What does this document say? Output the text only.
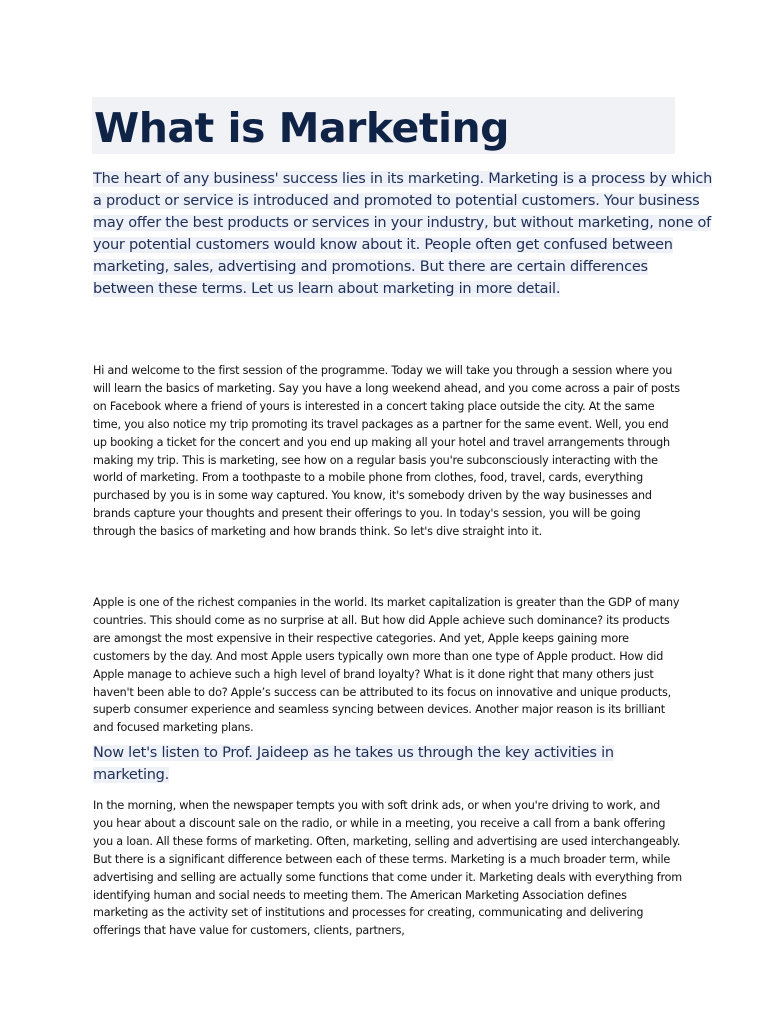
What is Marketing

The heart of any business' success lies in its marketing. Marketing is a process by which a product or service is introduced and promoted to potential customers. Your business may offer the best products or services in your industry, but without marketing, none of your potential customers would know about it. People often get confused between marketing, sales, advertising and promotions. But there are certain differences between these terms. Let us learn about marketing in more detail.

Hi and welcome to the first session of the programme. Today we will take you through a session where you will learn the basics of marketing. Say you have a long weekend ahead, and you come across a pair of posts on Facebook where a friend of yours is interested in a concert taking place outside the city. At the same time, you also notice my trip promoting its travel packages as a partner for the same event. Well, you end up booking a ticket for the concert and you end up making all your hotel and travel arrangements through making my trip. This is marketing, see how on a regular basis you're subconsciously interacting with the world of marketing. From a toothpaste to a mobile phone from clothes, food, travel, cards, everything purchased by you is in some way captured. You know, it's somebody driven by the way businesses and brands capture your thoughts and present their offerings to you. In today's session, you will be going through the basics of marketing and how brands think. So let's dive straight into it.

Apple is one of the richest companies in the world. Its market capitalization is greater than the GDP of many countries. This should come as no surprise at all. But how did Apple achieve such dominance? its products are amongst the most expensive in their respective categories. And yet, Apple keeps gaining more customers by the day. And most Apple users typically own more than one type of Apple product. How did Apple manage to achieve such a high level of brand loyalty? What is it done right that many others just haven't been able to do? Apple’s success can be attributed to its focus on innovative and unique products, superb consumer experience and seamless syncing between devices. Another major reason is its brilliant and focused marketing plans.

Now let's listen to Prof. Jaideep as he takes us through the key activities in marketing.

In the morning, when the newspaper tempts you with soft drink ads, or when you're driving to work, and you hear about a discount sale on the radio, or while in a meeting, you receive a call from a bank offering you a loan. All these forms of marketing. Often, marketing, selling and advertising are used interchangeably. But there is a significant difference between each of these terms. Marketing is a much broader term, while advertising and selling are actually some functions that come under it. Marketing deals with everything from identifying human and social needs to meeting them. The American Marketing Association defines marketing as the activity set of institutions and processes for creating, communicating and delivering offerings that have value for customers, clients, partners,
